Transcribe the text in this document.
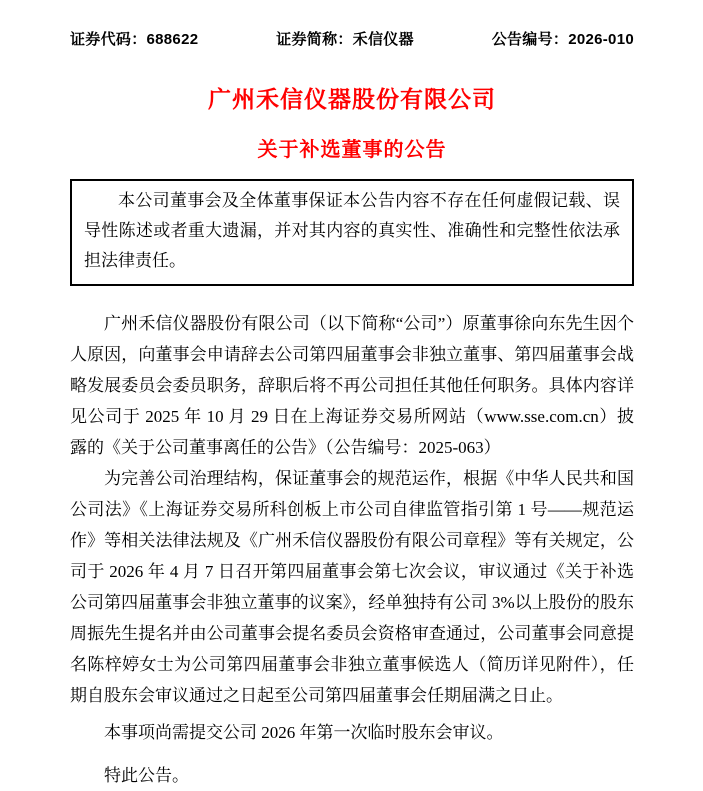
证券代码：688622	证券简称：禾信仪器	公告编号：2026-010
广州禾信仪器股份有限公司
关于补选董事的公告

本公司董事会及全体董事保证本公告内容不存在任何虚假记载、误导性陈述或者重大遗漏，并对其内容的真实性、准确性和完整性依法承担法律责任。

广州禾信仪器股份有限公司（以下简称“公司”）原董事徐向东先生因个人原因，向董事会申请辞去公司第四届董事会非独立董事、第四届董事会战略发展委员会委员职务，辞职后将不再公司担任其他任何职务。具体内容详见公司于 2025 年 10 月 29 日在上海证券交易所网站（www.sse.com.cn）披露的《关于公司董事离任的公告》（公告编号：2025-063）

为完善公司治理结构，保证董事会的规范运作，根据《中华人民共和国公司法》《上海证券交易所科创板上市公司自律监管指引第 1 号——规范运作》等相关法律法规及《广州禾信仪器股份有限公司章程》等有关规定，公司于 2026 年 4 月 7 日召开第四届董事会第七次会议，审议通过《关于补选公司第四届董事会非独立董事的议案》，经单独持有公司 3%以上股份的股东周振先生提名并由公司董事会提名委员会资格审查通过，公司董事会同意提名陈梓婷女士为公司第四届董事会非独立董事候选人（简历详见附件），任期自股东会审议通过之日起至公司第四届董事会任期届满之日止。

本事项尚需提交公司 2026 年第一次临时股东会审议。

特此公告。
